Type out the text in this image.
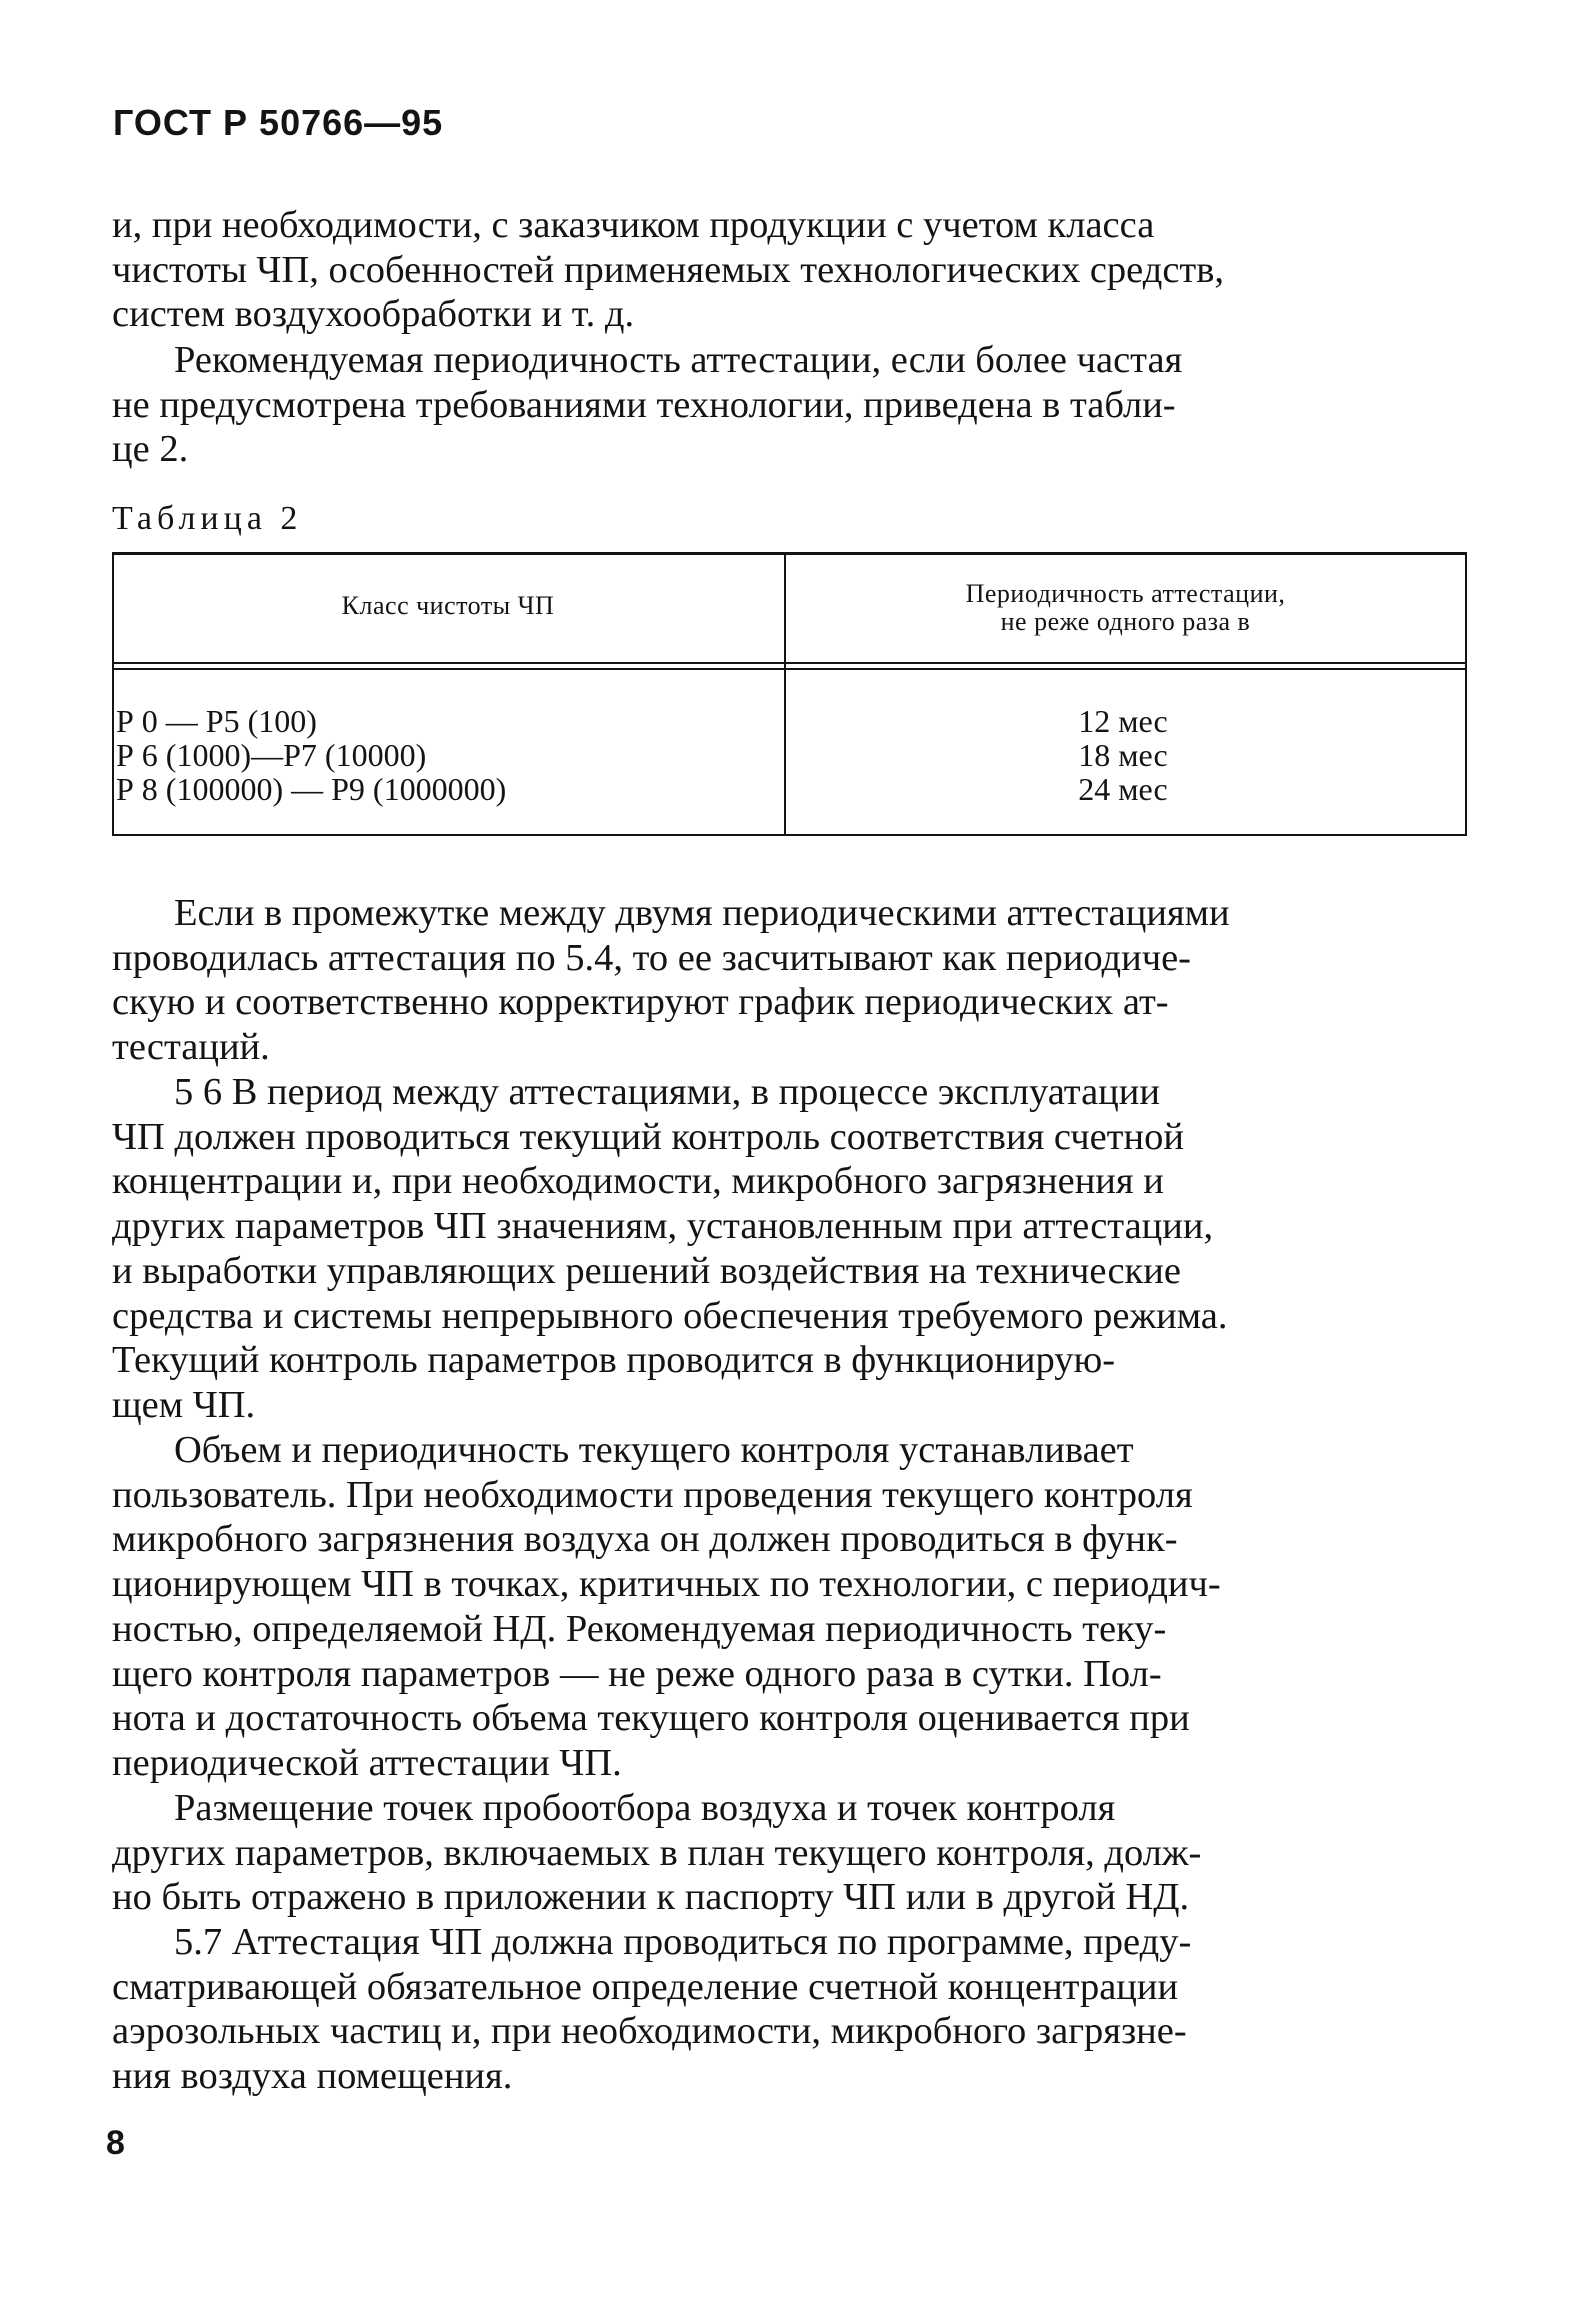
ГОСТ Р 50766—95

и, при необходимости, с заказчиком продукции с учетом класса
чистоты ЧП, особенностей применяемых технологических средств,
систем воздухообработки и т. д.

Рекомендуемая периодичность аттестации, если более частая
не предусмотрена требованиями технологии, приведена в табли-
це 2.

Таблица 2
Класс чистоты ЧП	Периодичность аттестации,
не реже одного раза в
Р 0 — Р5 (100)	12 мес
Р 6 (1000)—Р7 (10000)	18 мес
Р 8 (100000) — Р9 (1000000)	24 мес

Если в промежутке между двумя периодическими аттестациями
проводилась аттестация по 5.4, то ее засчитывают как периодиче-
скую и соответственно корректируют график периодических ат-
тестаций.

5 6 В период между аттестациями, в процессе эксплуатации
ЧП должен проводиться текущий контроль соответствия счетной
концентрации и, при необходимости, микробного загрязнения и
других параметров ЧП значениям, установленным при аттестации,
и выработки управляющих решений воздействия на технические
средства и системы непрерывного обеспечения требуемого режима.
Текущий контроль параметров проводится в функционирую-
щем ЧП.

Объем и периодичность текущего контроля устанавливает
пользователь. При необходимости проведения текущего контроля
микробного загрязнения воздуха он должен проводиться в функ-
ционирующем ЧП в точках, критичных по технологии, с периодич-
ностью, определяемой НД. Рекомендуемая периодичность теку-
щего контроля параметров — не реже одного раза в сутки. Пол-
нота и достаточность объема текущего контроля оценивается при
периодической аттестации ЧП.

Размещение точек пробоотбора воздуха и точек контроля
других параметров, включаемых в план текущего контроля, долж-
но быть отражено в приложении к паспорту ЧП или в другой НД.

5.7 Аттестация ЧП должна проводиться по программе, преду-
сматривающей обязательное определение счетной концентрации
аэрозольных частиц и, при необходимости, микробного загрязне-
ния воздуха помещения.

8
